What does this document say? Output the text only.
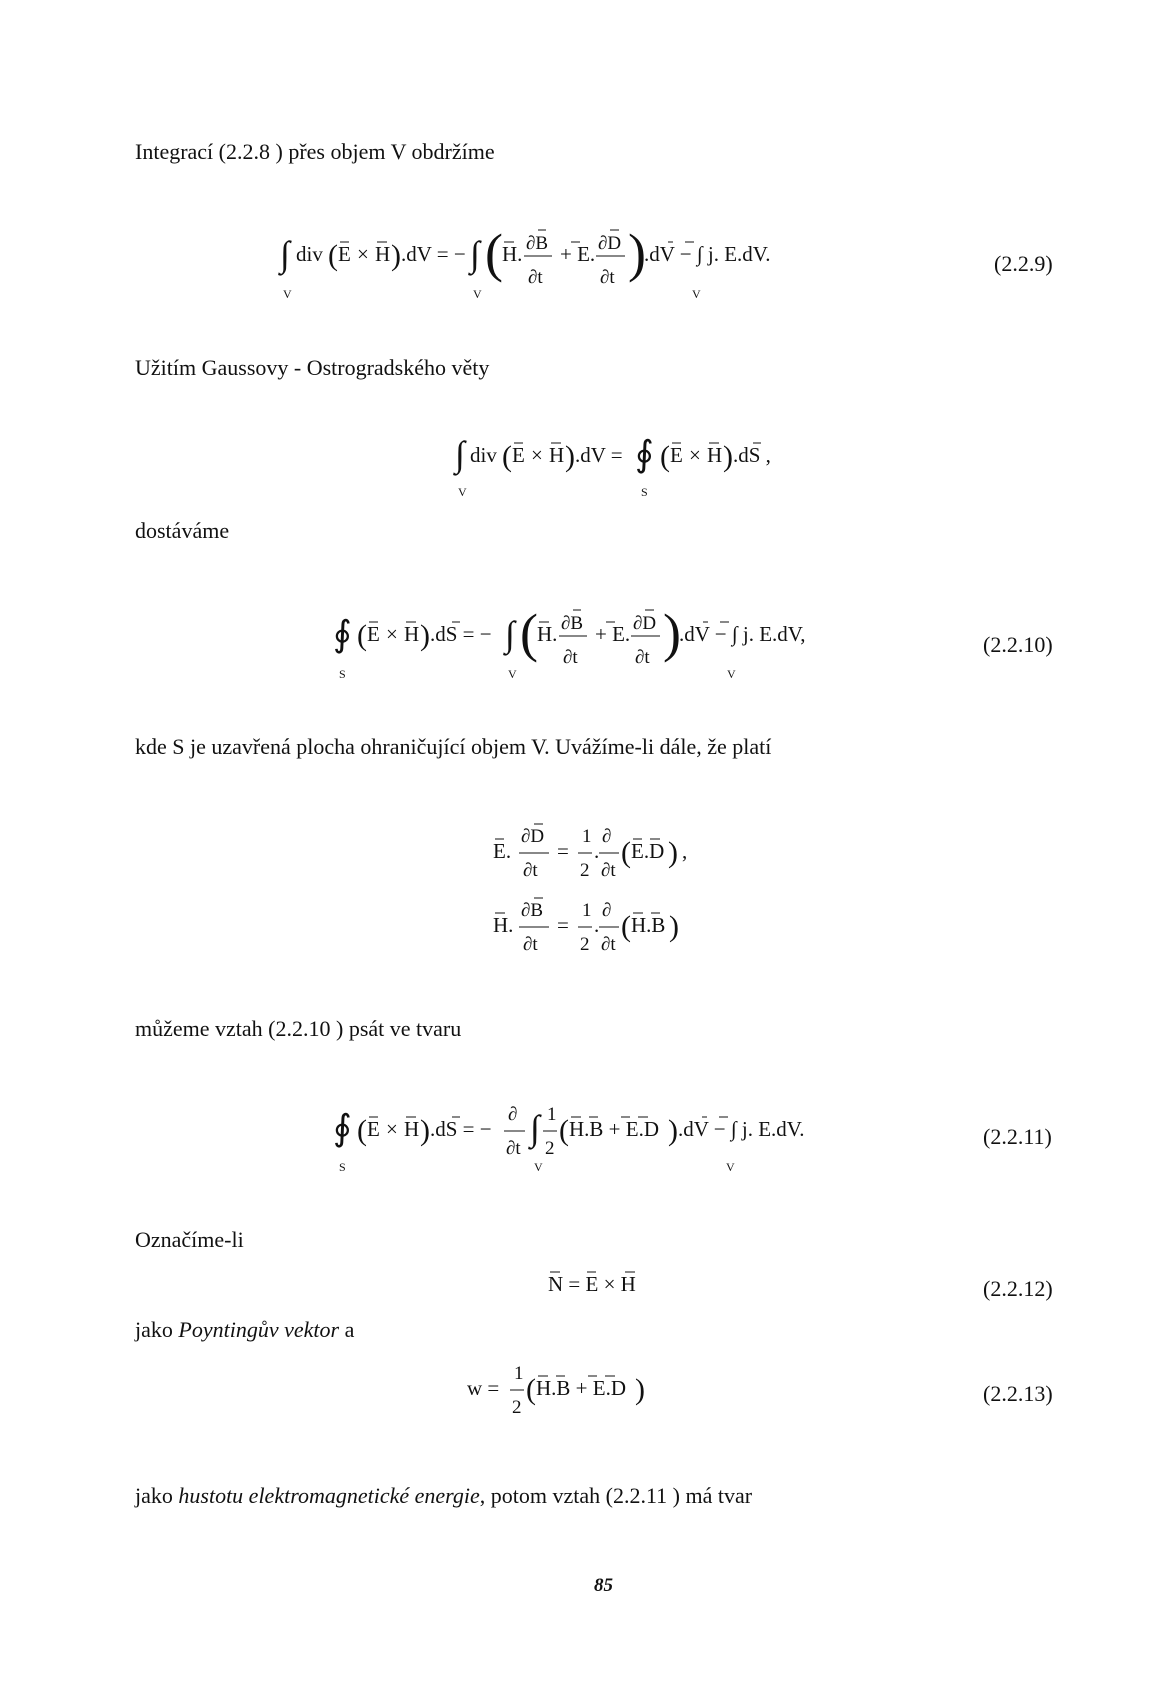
Integrací (2.2.8 ) přes objem V obdržíme
∫
V
div ( E × H ) .dV = − ∫
V
( H. ∂B
∂t
+ E. ∂D
∂t )
.dV − ∫ j. E.dV.
V
(2.2.9)
Užitím Gaussovy - Ostrogradského věty
∫
V
div ( E × H ) .dV = ∮
S
( E × H ) .dS ,
dostáváme
∮
S
( E × H ) .dS = − ∫
V
( H. ∂B
∂t
+ E. ∂D
∂t )
.dV − ∫ j. E.dV,
V
(2.2.10)
kde S je uzavřená plocha ohraničující objem V. Uvážíme-li dále, že platí
E.
∂D
∂t
=
1
2
.
∂
∂t
( E.D ) ,
H.
∂B
∂t
=
1
2
.
∂
∂t
( H.B )
můžeme vztah (2.2.10 ) psát ve tvaru
∮
S
( E × H ) .dS = −
∂
∂t
∫
V
1
2
( H.B + E.D ) .dV − ∫ j. E.dV.
V
(2.2.11)
Označíme-li
N = E × H	(2.2.12)
jako Poyntingův vektor a
w =
1
2
( H.B + E.D )	(2.2.13)
jako hustotu elektromagnetické energie, potom vztah (2.2.11 ) má tvar
85
